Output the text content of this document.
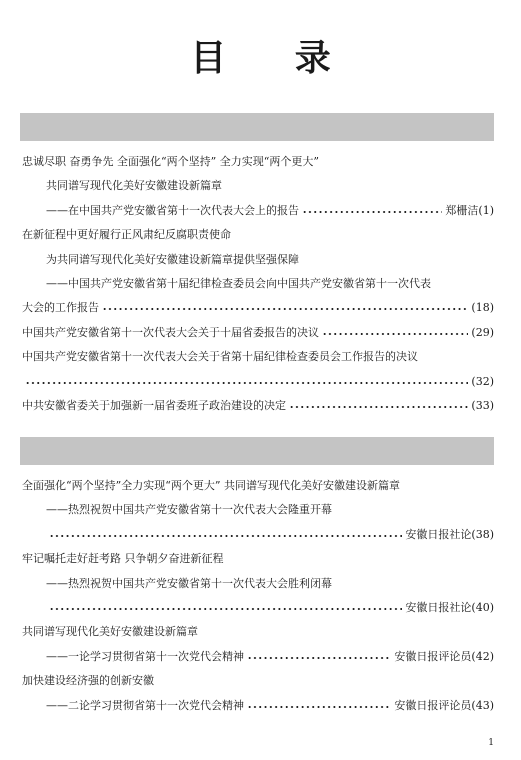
目 录
忠诚尽职 奋勇争先 全面强化“两个坚持” 全力实现“两个更大”
共同谱写现代化美好安徽建设新篇章
——在中国共产党安徽省第十一次代表大会上的报告	郑栅洁 (1)
在新征程中更好履行正风肃纪反腐职责使命
为共同谱写现代化美好安徽建设新篇章提供坚强保障
——中国共产党安徽省第十届纪律检查委员会向中国共产党安徽省第十一次代表
大会的工作报告	(18)
中国共产党安徽省第十一次代表大会关于十届省委报告的决议	(29)
中国共产党安徽省第十一次代表大会关于省第十届纪律检查委员会工作报告的决议
(32)
中共安徽省委关于加强新一届省委班子政治建设的决定	(33)
全面强化“两个坚持”全力实现“两个更大” 共同谱写现代化美好安徽建设新篇章
——热烈祝贺中国共产党安徽省第十一次代表大会隆重开幕
安徽日报社论 (38)
牢记嘱托走好赶考路 只争朝夕奋进新征程
——热烈祝贺中国共产党安徽省第十一次代表大会胜利闭幕
安徽日报社论 (40)
共同谱写现代化美好安徽建设新篇章
——一论学习贯彻省第十一次党代会精神	安徽日报评论员 (42)
加快建设经济强的创新安徽
——二论学习贯彻省第十一次党代会精神	安徽日报评论员 (43)
1
